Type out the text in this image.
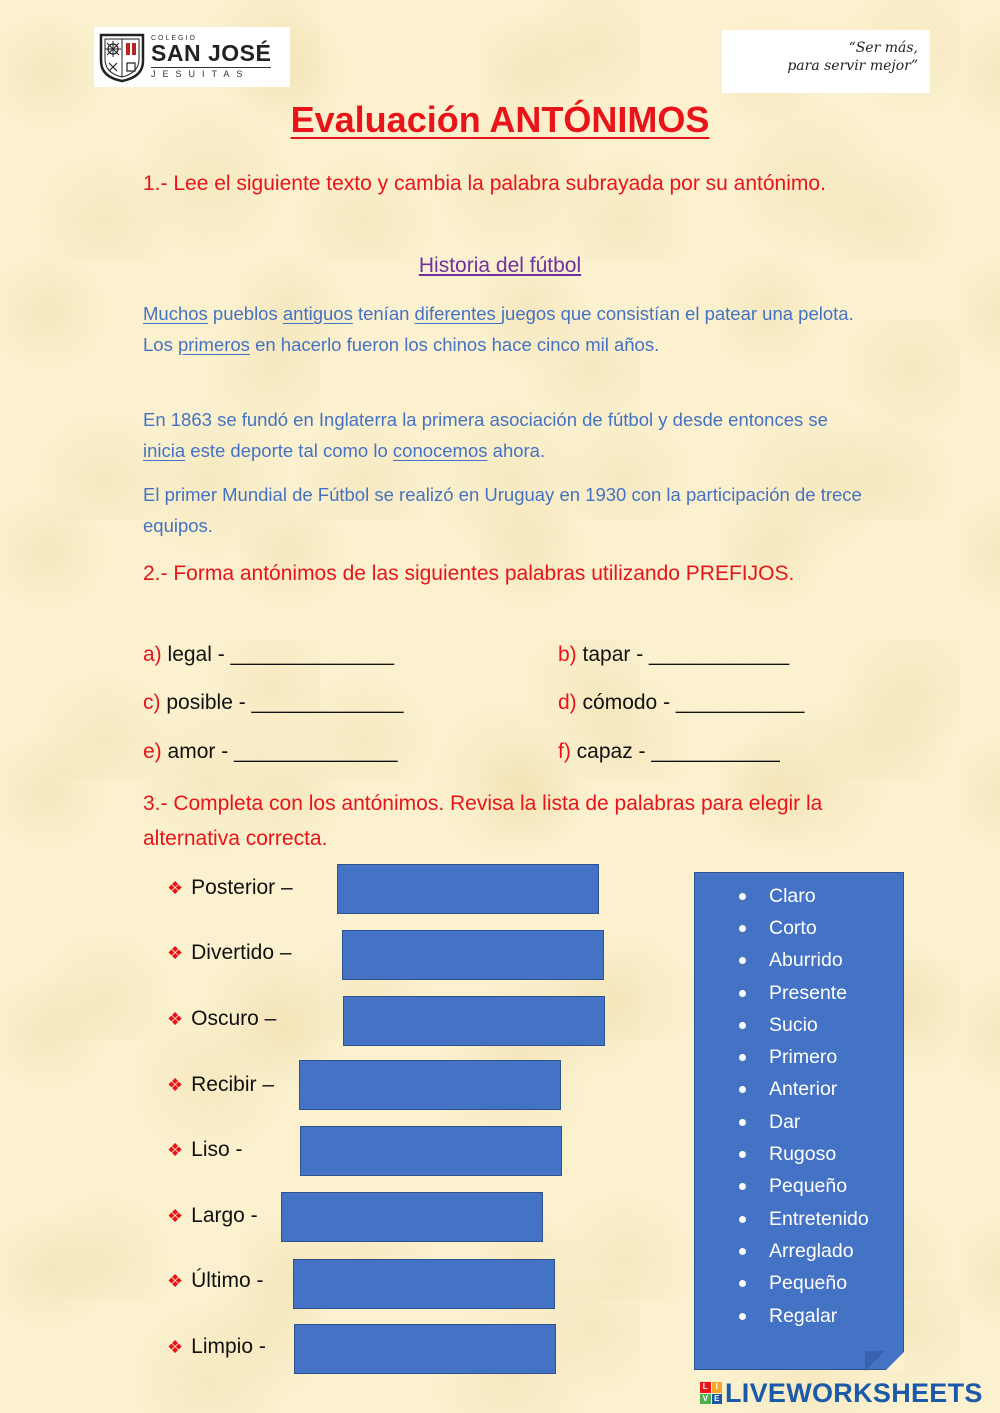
COLEGIO
SAN JOSÉ
JESUITAS
“Ser más,
para servir mejor”
Evaluación ANTÓNIMOS
1.- Lee el siguiente texto y cambia la palabra subrayada por su antónimo.
Historia del fútbol
Muchos pueblos antiguos tenían diferentes juegos que consistían el patear una pelota. Los primeros en hacerlo fueron los chinos hace cinco mil años.
En 1863 se fundó en Inglaterra la primera asociación de fútbol y desde entonces se inicia este deporte tal como lo conocemos ahora.
El primer Mundial de Fútbol se realizó en Uruguay en 1930 con la participación de trece equipos.
2.- Forma antónimos de las siguientes palabras utilizando PREFIJOS.
a) legal - ______________	b) tapar - ____________
c) posible - _____________	d) cómodo - ___________
e) amor - ______________	f) capaz - ___________
3.- Completa con los antónimos. Revisa la lista de palabras para elegir la alternativa correcta.
❖ Posterior –
❖ Divertido –
❖ Oscuro –
❖ Recibir –
❖ Liso -
❖ Largo -
❖ Último -
❖ Limpio -
Claro
Corto
Aburrido
Presente
Sucio
Primero
Anterior
Dar
Rugoso
Pequeño
Entretenido
Arreglado
Pequeño
Regalar
L I
V E LIVEWORKSHEETS
